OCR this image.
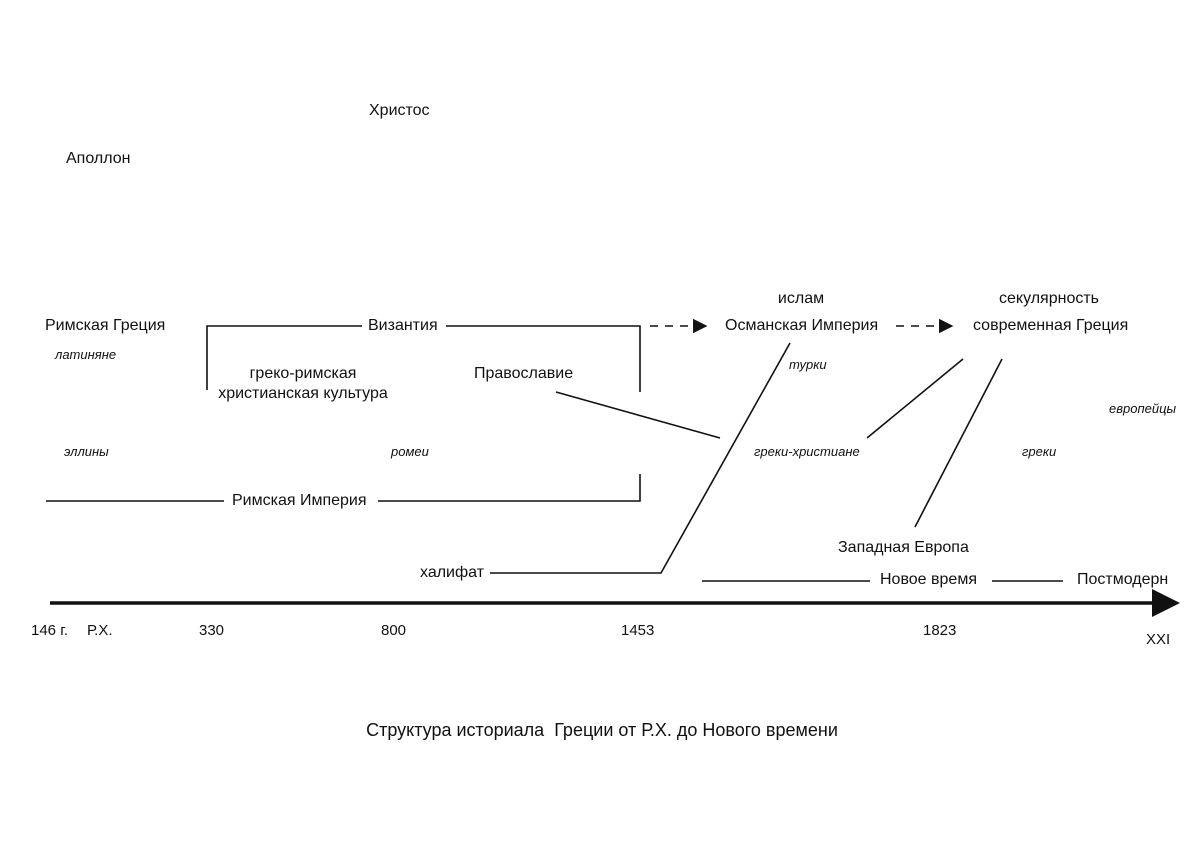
Христос
Аполлон
Римская Греция	Византия
ислам
Османская Империя
секулярность
современная Греция
латиняне
турки
европейцы
эллины	ромеи	греки-христиане	греки
греко-римская
христианская культура
Православие
Римская Империя
Западная Европа
халифат	Новое время	Постмодерн
146 г. Р.Х.	330	800	1453	1823
XXI
Структура историала  Греции от Р.Х. до Нового времени
